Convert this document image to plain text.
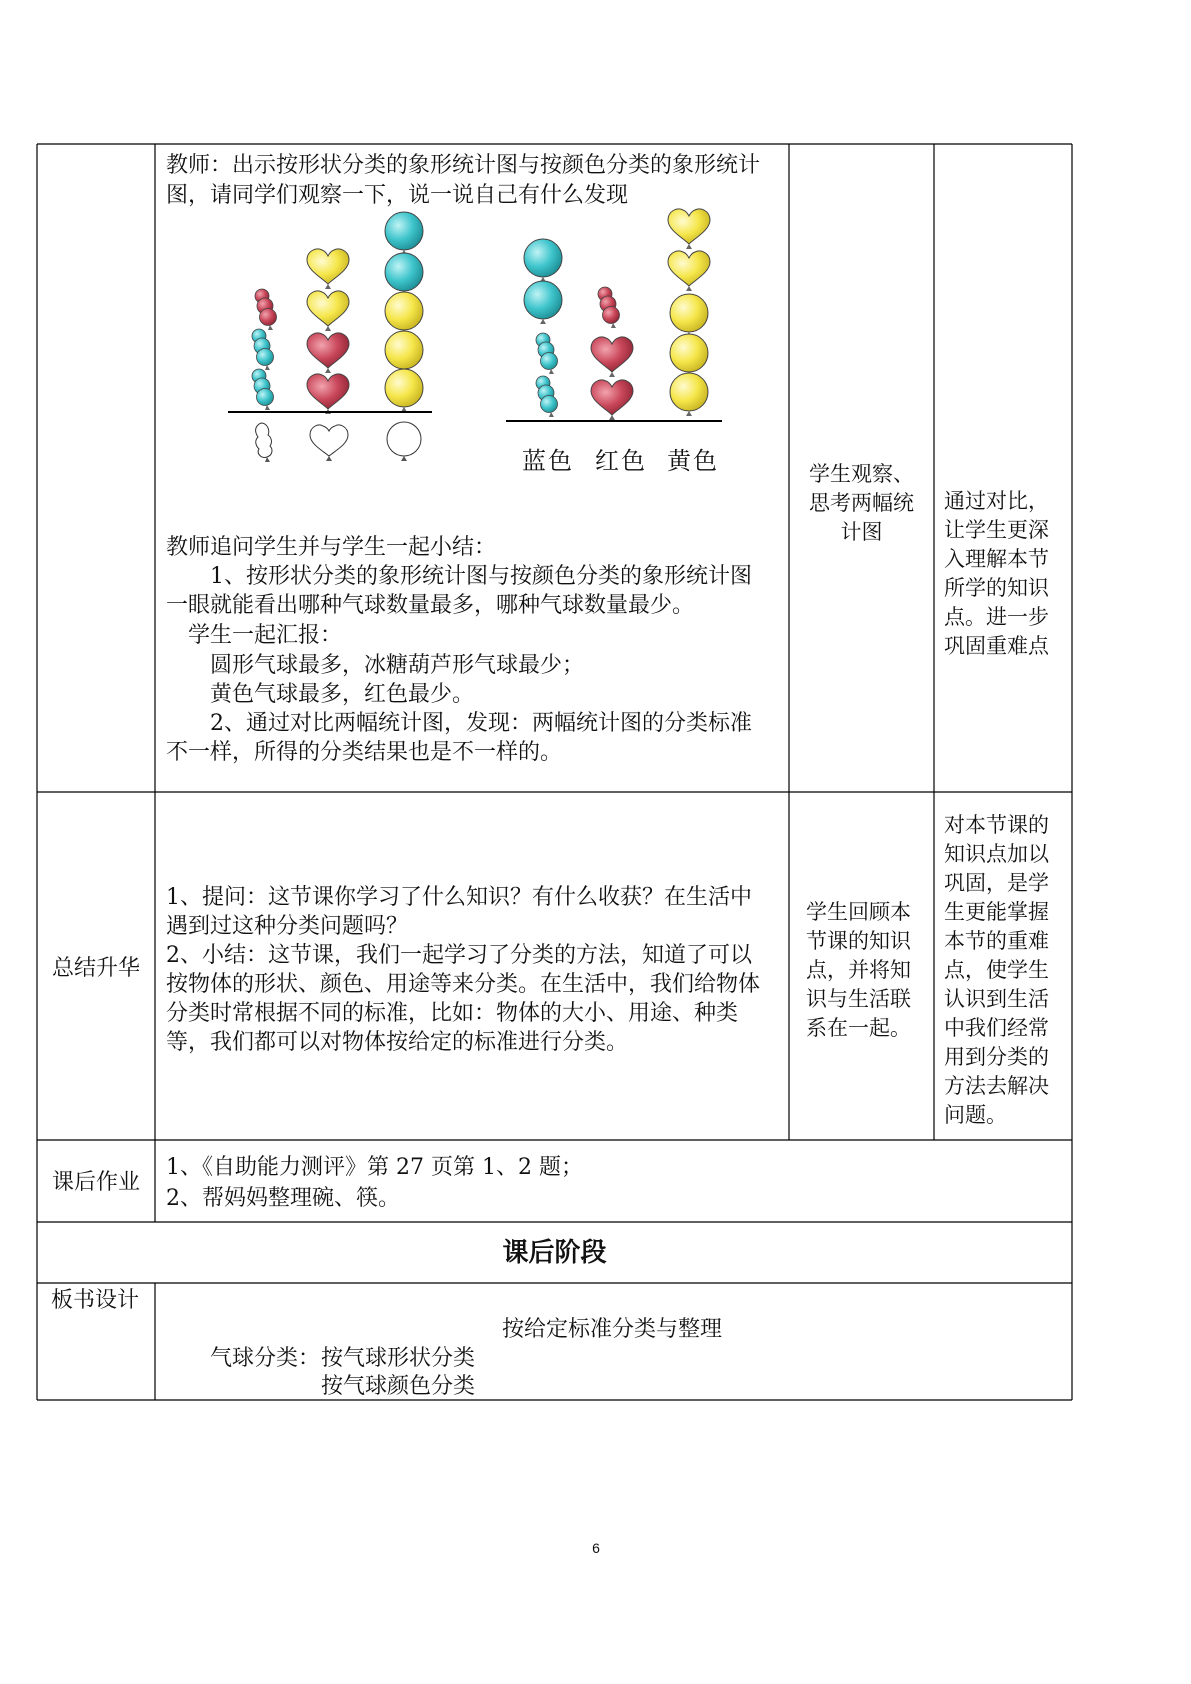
教师：出示按形状分类的象形统计图与按颜色分类的象形统计
图，请同学们观察一下，说一说自己有什么发现
蓝色 红色 黄色
教师追问学生并与学生一起小结：
1、按形状分类的象形统计图与按颜色分类的象形统计图
一眼就能看出哪种气球数量最多，哪种气球数量最少。
学生一起汇报：
圆形气球最多，冰糖葫芦形气球最少；
黄色气球最多，红色最少。
2、通过对比两幅统计图，发现：两幅统计图的分类标准
不一样，所得的分类结果也是不一样的。
学生观察、
思考两幅统
计图
通过对比，
让学生更深
入理解本节
所学的知识
点。进一步
巩固重难点
总结升华
1、提问：这节课你学习了什么知识？有什么收获？在生活中
遇到过这种分类问题吗？
2、小结：这节课，我们一起学习了分类的方法，知道了可以
按物体的形状、颜色、用途等来分类。在生活中，我们给物体
分类时常根据不同的标准，比如：物体的大小、用途、种类
等，我们都可以对物体按给定的标准进行分类。
学生回顾本
节课的知识
点，并将知
识与生活联
系在一起。
对本节课的
知识点加以
巩固，是学
生更能掌握
本节的重难
点，使学生
认识到生活
中我们经常
用到分类的
方法去解决
问题。
课后作业
1、《自助能力测评》第 27 页第 1、2 题；
2、帮妈妈整理碗、筷。
课后阶段
板书设计
按给定标准分类与整理
气球分类： 按气球形状分类
按气球颜色分类
6
